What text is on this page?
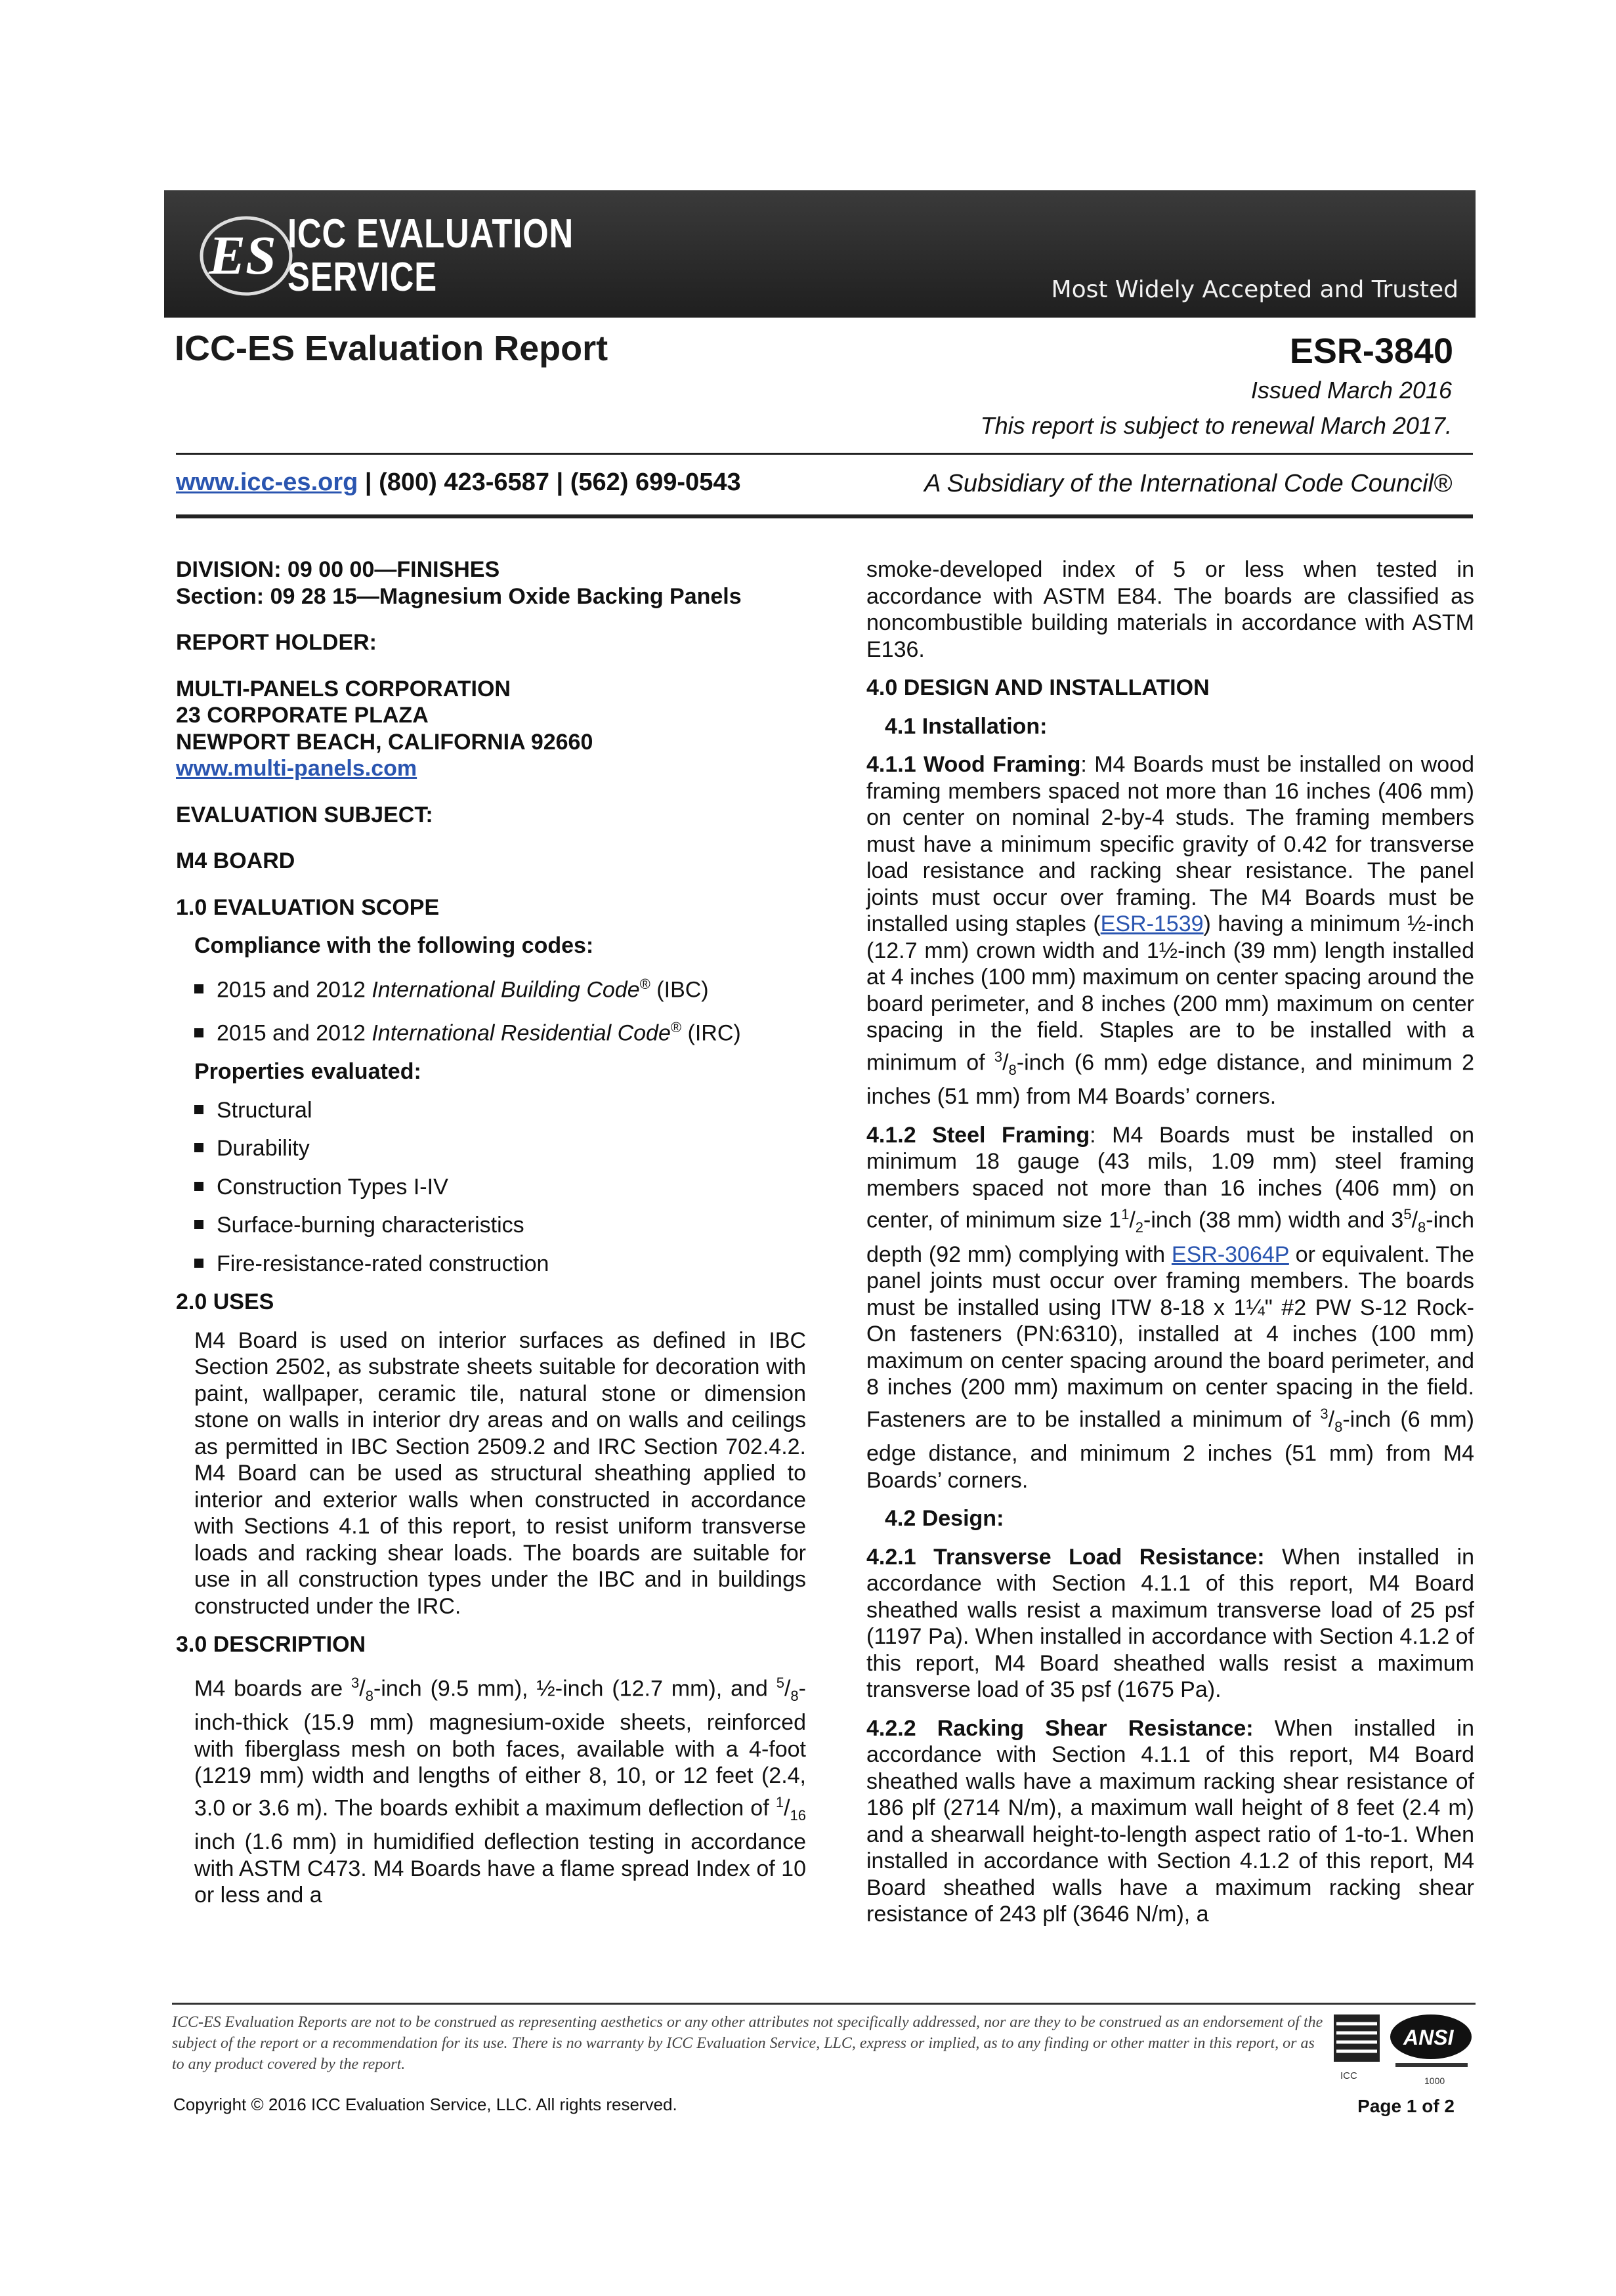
ES ICC EVALUATION
SERVICE	Most Widely Accepted and Trusted
ICC-ES Evaluation Report	ESR-3840
Issued March 2016
This report is subject to renewal March 2017.
www.icc-es.org | (800) 423-6587 | (562) 699-0543	A Subsidiary of the International Code Council®

DIVISION: 09 00 00—FINISHES

Section: 09 28 15—Magnesium Oxide Backing Panels

REPORT HOLDER:

MULTI-PANELS CORPORATION

23 CORPORATE PLAZA

NEWPORT BEACH, CALIFORNIA 92660

www.multi-panels.com

EVALUATION SUBJECT:

M4 BOARD

1.0 EVALUATION SCOPE

Compliance with the following codes:

2015 and 2012 International Building Code® (IBC)

2015 and 2012 International Residential Code® (IRC)

Properties evaluated:

Structural

Durability

Construction Types I-IV

Surface-burning characteristics

Fire-resistance-rated construction

2.0 USES

M4 Board is used on interior surfaces as defined in IBC Section 2502, as substrate sheets suitable for decoration with paint, wallpaper, ceramic tile, natural stone or dimension stone on walls in interior dry areas and on walls and ceilings as permitted in IBC Section 2509.2 and IRC Section 702.4.2. M4 Board can be used as structural sheathing applied to interior and exterior walls when constructed in accordance with Sections 4.1 of this report, to resist uniform transverse loads and racking shear loads. The boards are suitable for use in all construction types under the IBC and in buildings constructed under the IRC.

3.0 DESCRIPTION

M4 boards are $^3/_8$-inch (9.5 mm), ½-inch (12.7 mm), and $^5/_8-inch$-thick (15.9 mm) magnesium-oxide sheets, reinforced with fiberglass mesh on both faces, available with a 4-foot (1219 mm) width and lengths of either 8, 10, or 12 feet (2.4, 3.0 or 3.6 m). The boards exhibit a maximum deflection of $^1/_{16}$ inch (1.6 mm) in humidified deflection testing in accordance with ASTM C473. M4 Boards have a flame spread Index of 10 or less and a

smoke-developed index of 5 or less when tested in accordance with ASTM E84. The boards are classified as noncombustible building materials in accordance with ASTM E136.

4.0 DESIGN AND INSTALLATION

4.1 Installation:

4.1.1 Wood Framing: M4 Boards must be installed on wood framing members spaced not more than 16 inches (406 mm) on center on nominal 2-by-4 studs. The framing members must have a minimum specific gravity of 0.42 for transverse load resistance and racking shear resistance. The panel joints must occur over framing. The M4 Boards must be installed using staples (ESR-1539) having a minimum ½-inch (12.7 mm) crown width and 1½-inch (39 mm) length installed at 4 inches (100 mm) maximum on center spacing around the board perimeter, and 8 inches (200 mm) maximum on center spacing in the field. Staples are to be installed with a minimum of $^3/_8$-inch (6 mm) edge distance, and minimum 2 inches (51 mm) from M4 Boards’ corners.

4.1.2 Steel Framing: M4 Boards must be installed on minimum 18 gauge (43 mils, 1.09 mm) steel framing members spaced not more than 16 inches (406 mm) on center, of minimum size $1^1/_2$-inch (38 mm) width and $3^5/_8$-inch depth (92 mm) complying with ESR-3064P or equivalent. The panel joints must occur over framing members. The boards must be installed using ITW 8-18 x 1¼" #2 PW S-12 Rock-On fasteners (PN:6310), installed at 4 inches (100 mm) maximum on center spacing around the board perimeter, and 8 inches (200 mm) maximum on center spacing in the field. Fasteners are to be installed a minimum of $^3/_8$-inch (6 mm) edge distance, and minimum 2 inches (51 mm) from M4 Boards’ corners.

4.2 Design:

4.2.1 Transverse Load Resistance: When installed in accordance with Section 4.1.1 of this report, M4 Board sheathed walls resist a maximum transverse load of 25 psf (1197 Pa). When installed in accordance with Section 4.1.2 of this report, M4 Board sheathed walls resist a maximum transverse load of 35 psf (1675 Pa).

4.2.2 Racking Shear Resistance: When installed in accordance with Section 4.1.1 of this report, M4 Board sheathed walls have a maximum racking shear resistance of 186 plf (2714 N/m), a maximum wall height of 8 feet (2.4 m) and a shearwall height-to-length aspect ratio of 1-to-1. When installed in accordance with Section 4.1.2 of this report, M4 Board sheathed walls have a maximum racking shear resistance of 243 plf (3646 N/m), a

ICC-ES Evaluation Reports are not to be construed as representing aesthetics or any other attributes not specifically addressed, nor are they to be construed as an endorsement of the subject of the report or a recommendation for its use. There is no warranty by ICC Evaluation Service, LLC, express or implied, as to any finding or other matter in this report, or as to any product covered by the report.
ICC
ANSI
1000
Copyright © 2016 ICC Evaluation Service, LLC. All rights reserved.	Page 1 of 2
